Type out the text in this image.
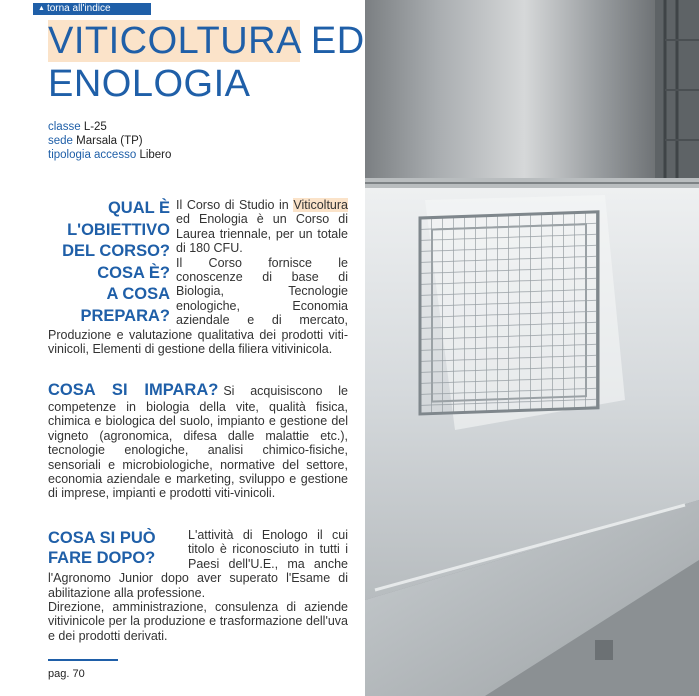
▲ torna all'indice
VITICOLTURA ED
ENOLOGIA
classe L-25
sede Marsala (TP)
tipologia accesso Libero
QUAL È
L'OBIETTIVO
DEL CORSO?
COSA È?
A COSA
PREPARA?
Il Corso di Studio in Viticoltura ed Enologia è un Corso di Laurea triennale, per un totale di 180 CFU.
Il Corso fornisce le conoscenze di base di Biologia, Tecnologie enologiche, Economia aziendale e di mercato, Produzione e valutazione qualitativa dei prodotti viti-vinicoli, Elementi di gestione della filiera vitivinicola.
COSA SI IMPARA? Si acquisiscono le competenze in biologia della vite, qualità fisica, chimica e biologica del suolo, impianto e gestione del vigneto (agronomica, difesa dalle malattie etc.), tecnologie enologiche, analisi chimico-fisiche, sensoriali e microbiologiche, normative del settore, economia aziendale e marketing, sviluppo e gestione di imprese, impianti e prodotti viti-vinicoli.
COSA SI PUÒ
FARE DOPO?
L'attività di Enologo il cui titolo è riconosciuto in tutti i Paesi dell'U.E., ma anche l'Agronomo Junior dopo aver superato l'Esame di abilitazione alla professione.
Direzione, amministrazione, consulenza di aziende vitivinicole per la produzione e trasformazione dell'uva e dei prodotti derivati.
pag. 70
